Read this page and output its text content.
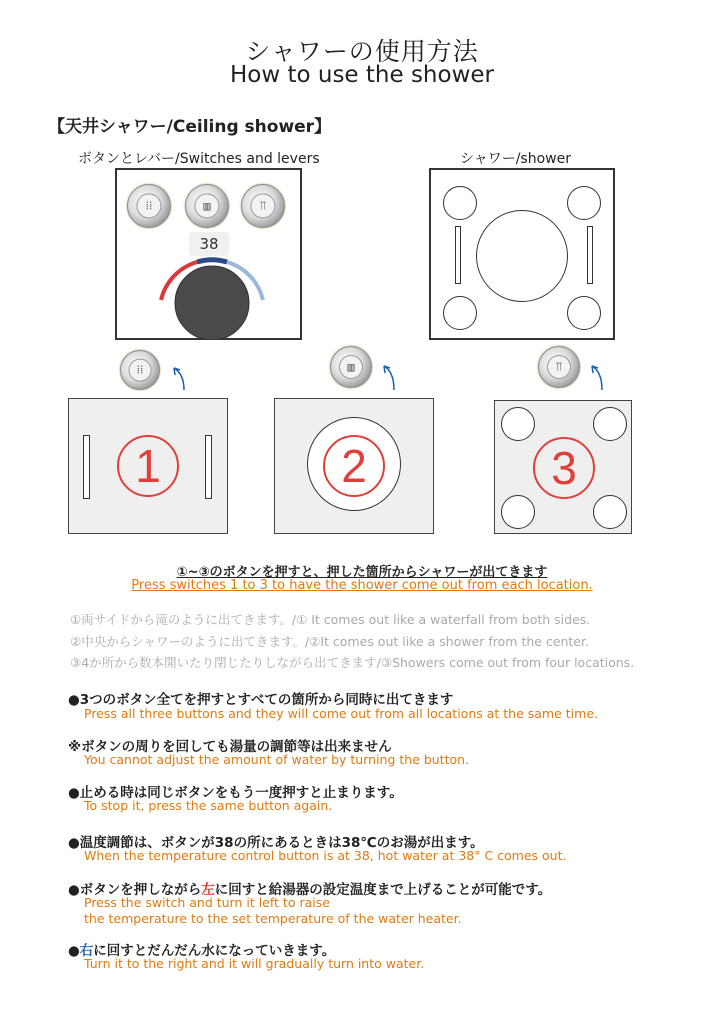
シャワーの使用方法
How to use the shower
【天井シャワー/Ceiling shower】
ボタンとレバー/Switches and levers	シャワー/shower
⁞⁞	▥	⫪
38
⁞⁞	▥	⫪
1	2	3
①~③のボタンを押すと、押した箇所からシャワーが出てきます
Press switches 1 to 3 to have the shower come out from each location.
①両サイドから滝のように出てきます。/① It comes out like a waterfall from both sides.
②中央からシャワーのように出てきます。/②It comes out like a shower from the center.
③4か所から数本開いたり閉じたりしながら出てきます/③Showers come out from four locations.
●3つのボタン全てを押すとすべての箇所から同時に出てきます
Press all three buttons and they will come out from all locations at the same time.
※ボタンの周りを回しても湯量の調節等は出来ません
You cannot adjust the amount of water by turning the button.
●止める時は同じボタンをもう一度押すと止まります。
To stop it, press the same button again.
●温度調節は、ボタンが38の所にあるときは38℃のお湯が出ます。
When the temperature control button is at 38, hot water at 38° C comes out.
●ボタンを押しながら左に回すと給湯器の設定温度まで上げることが可能です。
Press the switch and turn it left to raise
the temperature to the set temperature of the water heater.
●右に回すとだんだん水になっていきます。
Turn it to the right and it will gradually turn into water.
